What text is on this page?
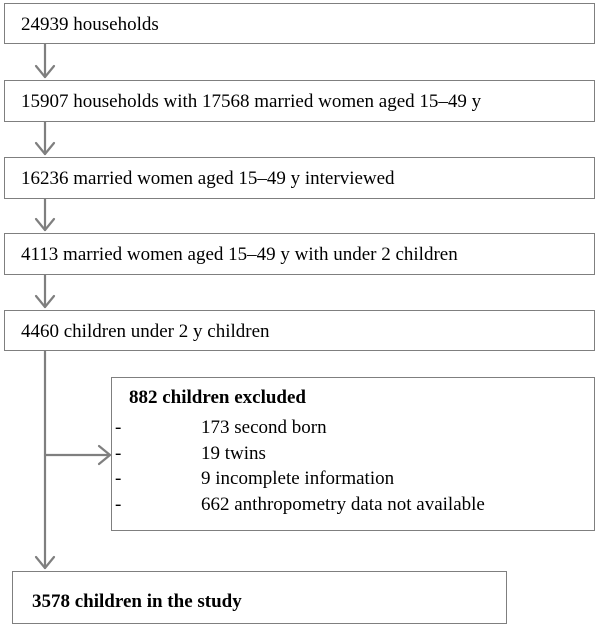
24939 households
15907 households with 17568 married women aged 15–49 y
16236 married women aged 15–49 y interviewed
4113 married women aged 15–49 y with under 2 children
4460 children under 2 y children
882 children excluded
-	173 second born
-	19 twins
-	9 incomplete information
-	662 anthropometry data not available
3578 children in the study
